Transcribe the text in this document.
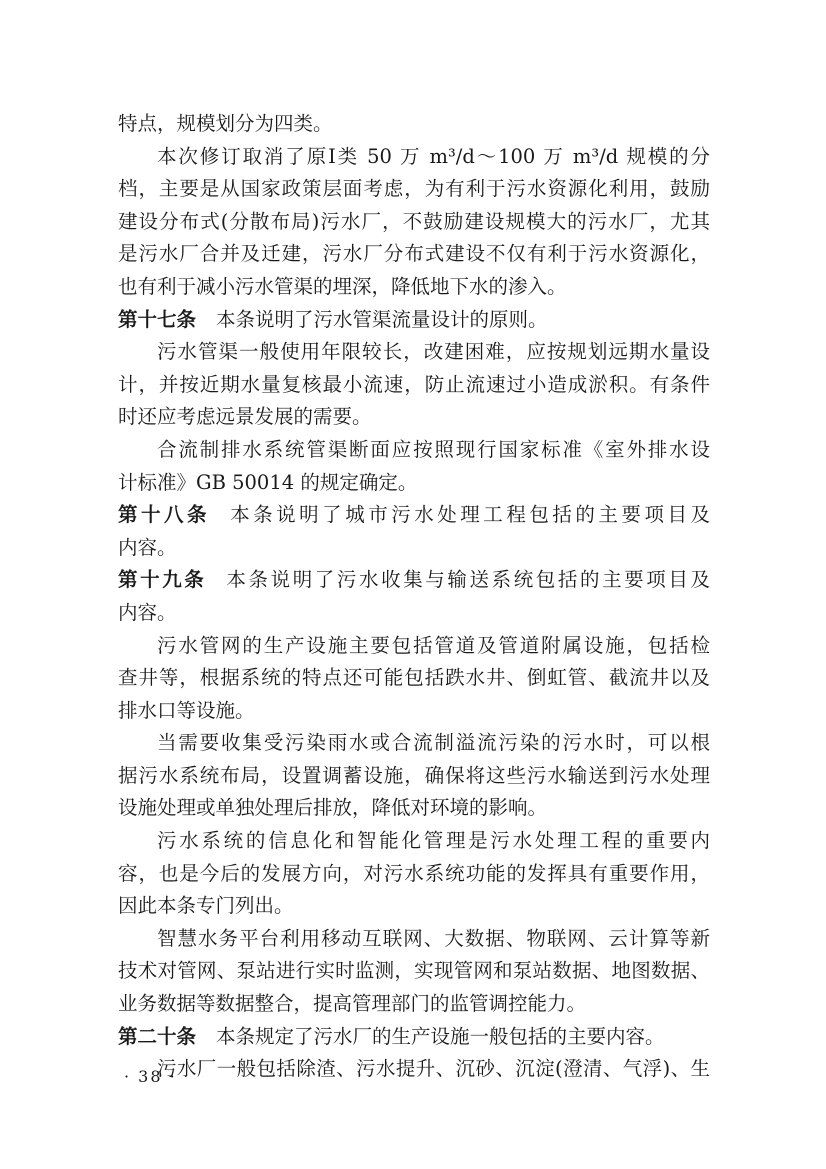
特点，规模划分为四类。
本次修订取消了原Ⅰ类 50 万 m³/d～100 万 m³/d 规模的分
档，主要是从国家政策层面考虑，为有利于污水资源化利用，鼓励
建设分布式(分散布局)污水厂，不鼓励建设规模大的污水厂，尤其
是污水厂合并及迁建，污水厂分布式建设不仅有利于污水资源化，
也有利于减小污水管渠的埋深，降低地下水的渗入。
第十七条 本条说明了污水管渠流量设计的原则。
污水管渠一般使用年限较长，改建困难，应按规划远期水量设
计，并按近期水量复核最小流速，防止流速过小造成淤积。有条件
时还应考虑远景发展的需要。
合流制排水系统管渠断面应按照现行国家标准《室外排水设
计标准》GB 50014 的规定确定。
第十八条 本条说明了城市污水处理工程包括的主要项目及
内容。
第十九条 本条说明了污水收集与输送系统包括的主要项目及
内容。
污水管网的生产设施主要包括管道及管道附属设施，包括检
查井等，根据系统的特点还可能包括跌水井、倒虹管、截流井以及
排水口等设施。
当需要收集受污染雨水或合流制溢流污染的污水时，可以根
据污水系统布局，设置调蓄设施，确保将这些污水输送到污水处理
设施处理或单独处理后排放，降低对环境的影响。
污水系统的信息化和智能化管理是污水处理工程的重要内
容，也是今后的发展方向，对污水系统功能的发挥具有重要作用，
因此本条专门列出。
智慧水务平台利用移动互联网、大数据、物联网、云计算等新
技术对管网、泵站进行实时监测，实现管网和泵站数据、地图数据、
业务数据等数据整合，提高管理部门的监管调控能力。
第二十条 本条规定了污水厂的生产设施一般包括的主要内容。
污水厂一般包括除渣、污水提升、沉砂、沉淀(澄清、气浮)、生
· 38 ·
